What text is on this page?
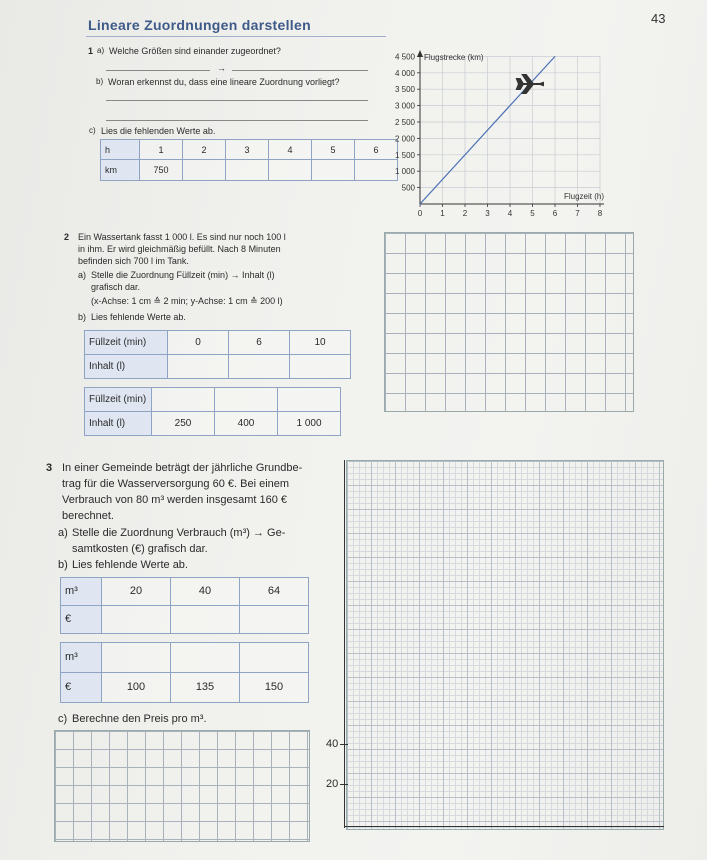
Lineare Zuordnungen darstellen	43
1 a) Welche Größen sind einander zugeordnet?
→
b) Woran erkennst du, dass eine lineare Zuordnung vorliegt?
c) Lies die fehlenden Werte ab.
h	1	2	3	4	5	6
km	750					
Flugstrecke (km)
Flugzeit (h)
0 1 2 3 4 5 6 7 8
500
1 000
1 500
2 000
2 500
3 000
3 500
4 000
4 500
2 Ein Wassertank fasst 1 000 l. Es sind nur noch 100 l
in ihm. Er wird gleichmäßig befüllt. Nach 8 Minuten
befinden sich 700 l im Tank.
a) Stelle die Zuordnung Füllzeit (min) → Inhalt (l)
grafisch dar.
(x-Achse: 1 cm ≙ 2 min; y-Achse: 1 cm ≙ 200 l)
b) Lies fehlende Werte ab.
Füllzeit (min)	0	6	10
Inhalt (l)			
Füllzeit (min)			
Inhalt (l)	250	400	1 000
3 In einer Gemeinde beträgt der jährliche Grundbe-
trag für die Wasserversorgung 60 €. Bei einem
Verbrauch von 80 m³ werden insgesamt 160 €
berechnet.
a) Stelle die Zuordnung Verbrauch (m³) → Ge-
samtkosten (€) grafisch dar.
b) Lies fehlende Werte ab.
m³	20	40	64
€			
m³			
€	100	135	150
c) Berechne den Preis pro m³.
40
20
